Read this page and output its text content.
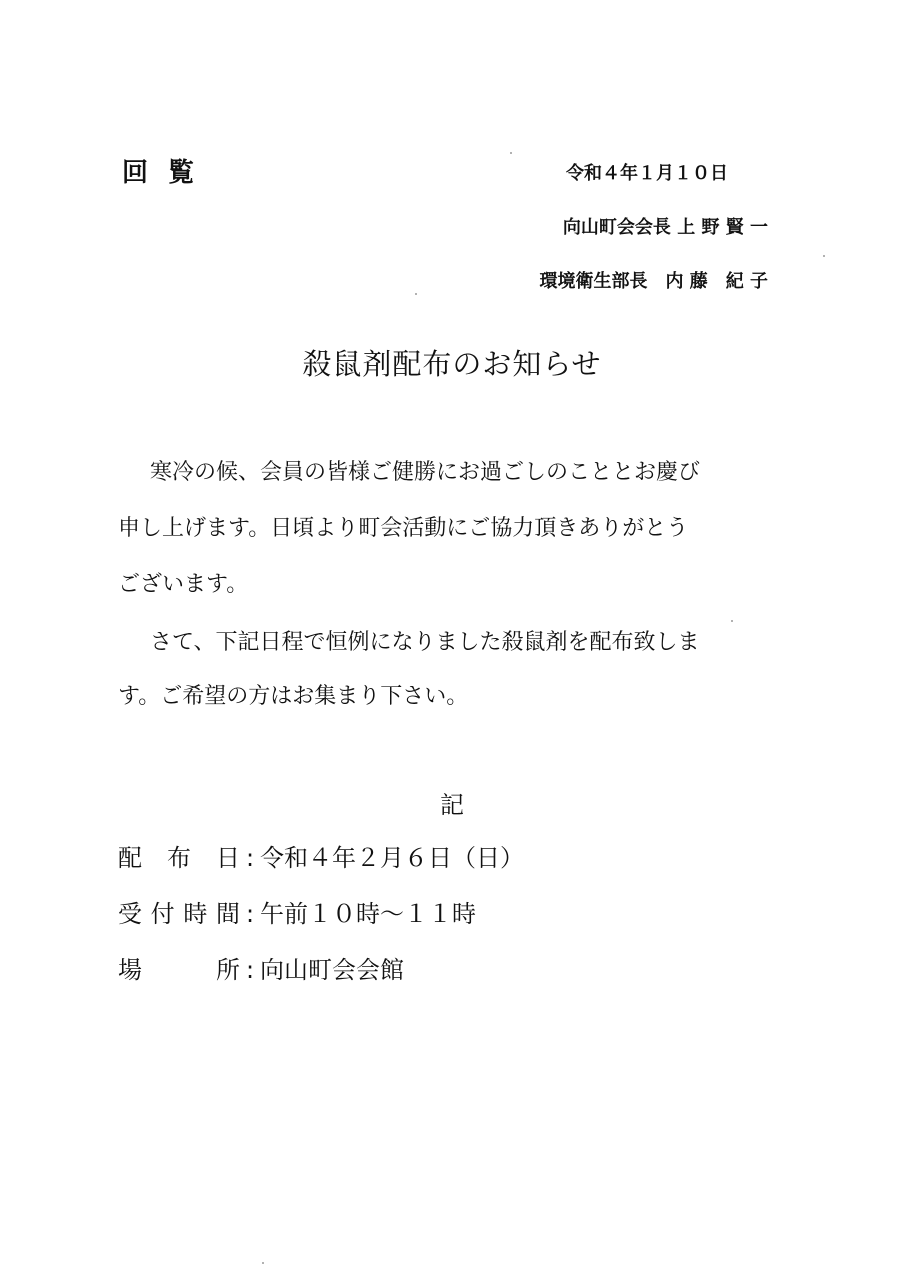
回覧	令和４年１月１０日
向山町会会長 上 野 賢 一
環境衛生部長　内 藤　紀 子
殺鼠剤配布のお知らせ
寒冷の候、会員の皆様ご健勝にお過ごしのこととお慶び
申し上げます。日頃より町会活動にご協力頂きありがとう
ございます。
さて、下記日程で恒例になりました殺鼠剤を配布致しま
す。ご希望の方はお集まり下さい。
記
配布日 : 令和４年２月６日（日）
受付時間 : 午前１０時～１１時
場所 : 向山町会会館
